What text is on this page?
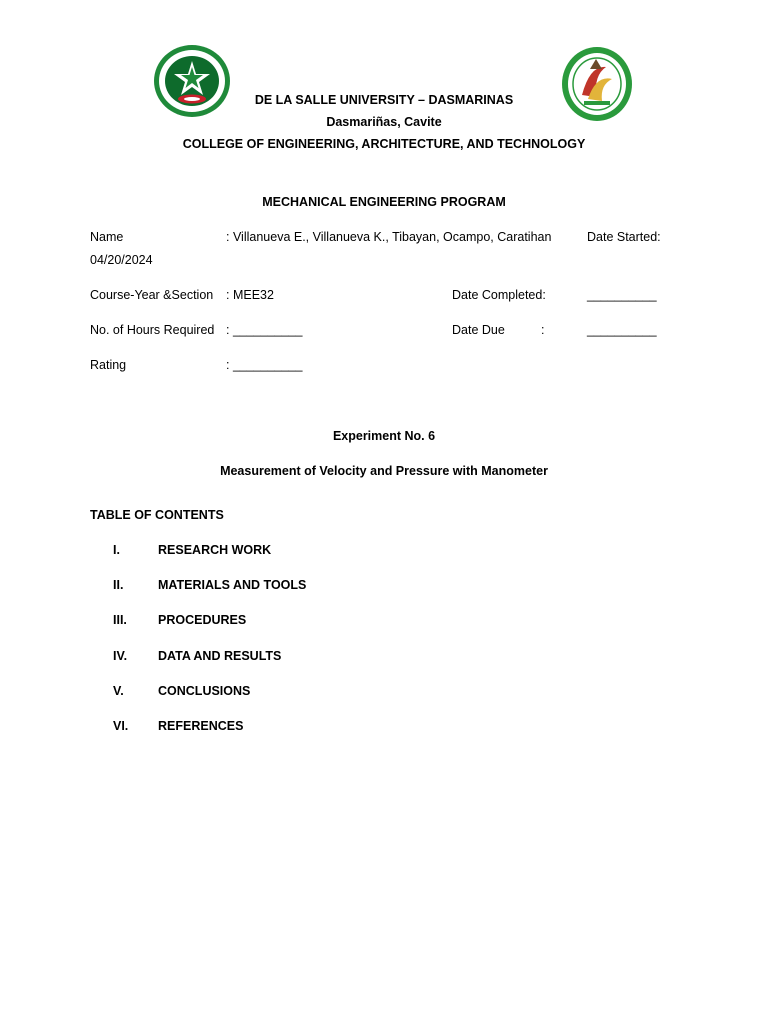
DE LA SALLE UNIVERSITY – DASMARINAS
Dasmariñas, Cavite
COLLEGE OF ENGINEERING, ARCHITECTURE, AND TECHNOLOGY
MECHANICAL ENGINEERING PROGRAM
Name	: Villanueva E., Villanueva K., Tibayan, Ocampo, Caratihan	Date Started:
04/20/2024
Course-Year &Section : MEE32	Date Completed:	__________
No. of Hours Required : __________	Date Due	:	__________
Rating	: __________
Experiment No. 6
Measurement of Velocity and Pressure with Manometer
TABLE OF CONTENTS
I.	RESEARCH WORK
II.	MATERIALS AND TOOLS
III. PROCEDURES
IV. DATA AND RESULTS
V.	CONCLUSIONS
VI. REFERENCES
